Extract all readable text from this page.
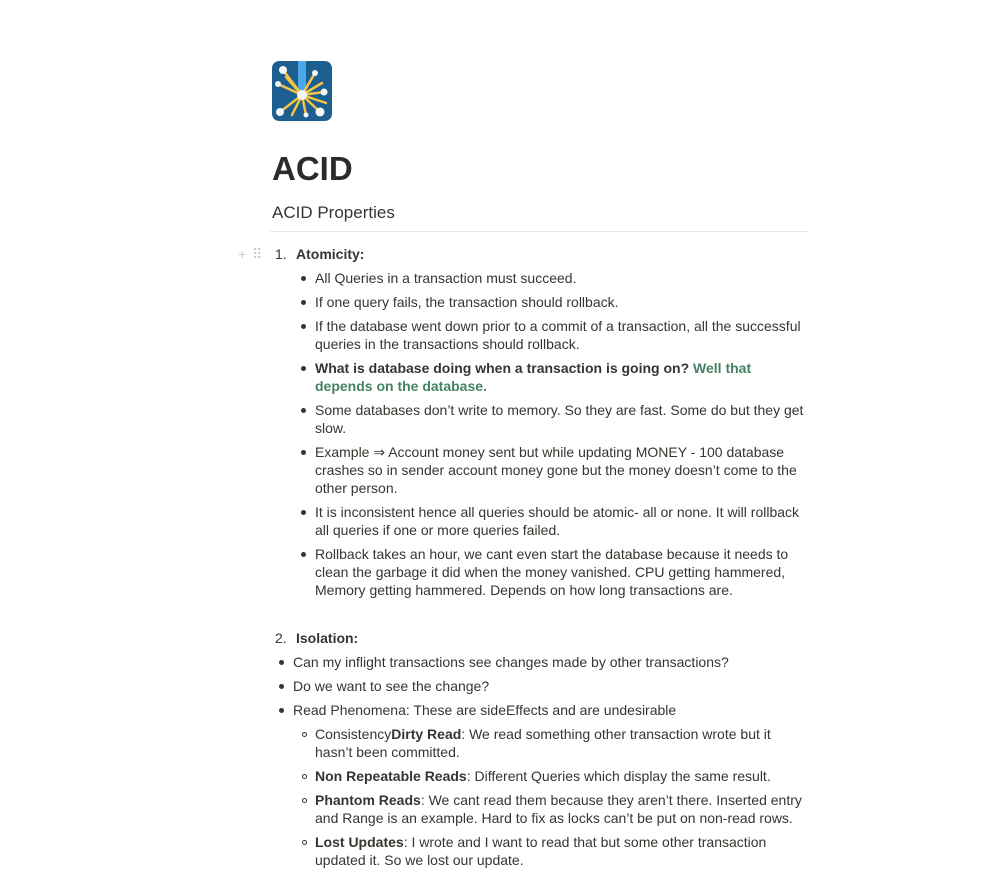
ACID
ACID Properties
+⠿ 1. Atomicity:
All Queries in a transaction must succeed.
If one query fails, the transaction should rollback.
If the database went down prior to a commit of a transaction, all the successful queries in the transactions should rollback.
What is database doing when a transaction is going on? Well that depends on the database.
Some databases don’t write to memory. So they are fast. Some do but they get slow.
Example ⇒ Account money sent but while updating MONEY - 100 database crashes so in sender account money gone but the money doesn’t come to the other person.
It is inconsistent hence all queries should be atomic- all or none. It will rollback all queries if one or more queries failed.
Rollback takes an hour, we cant even start the database because it needs to clean the garbage it did when the money vanished. CPU getting hammered, Memory getting hammered. Depends on how long transactions are.
2. Isolation:
Can my inflight transactions see changes made by other transactions?
Do we want to see the change?
Read Phenomena: These are sideEffects and are undesirable
ConsistencyDirty Read: We read something other transaction wrote but it hasn’t been committed.
Non Repeatable Reads: Different Queries which display the same result.
Phantom Reads: We cant read them because they aren’t there. Inserted entry and Range is an example. Hard to fix as locks can’t be put on non-read rows.
Lost Updates: I wrote and I want to read that but some other transaction updated it. So we lost our update.
